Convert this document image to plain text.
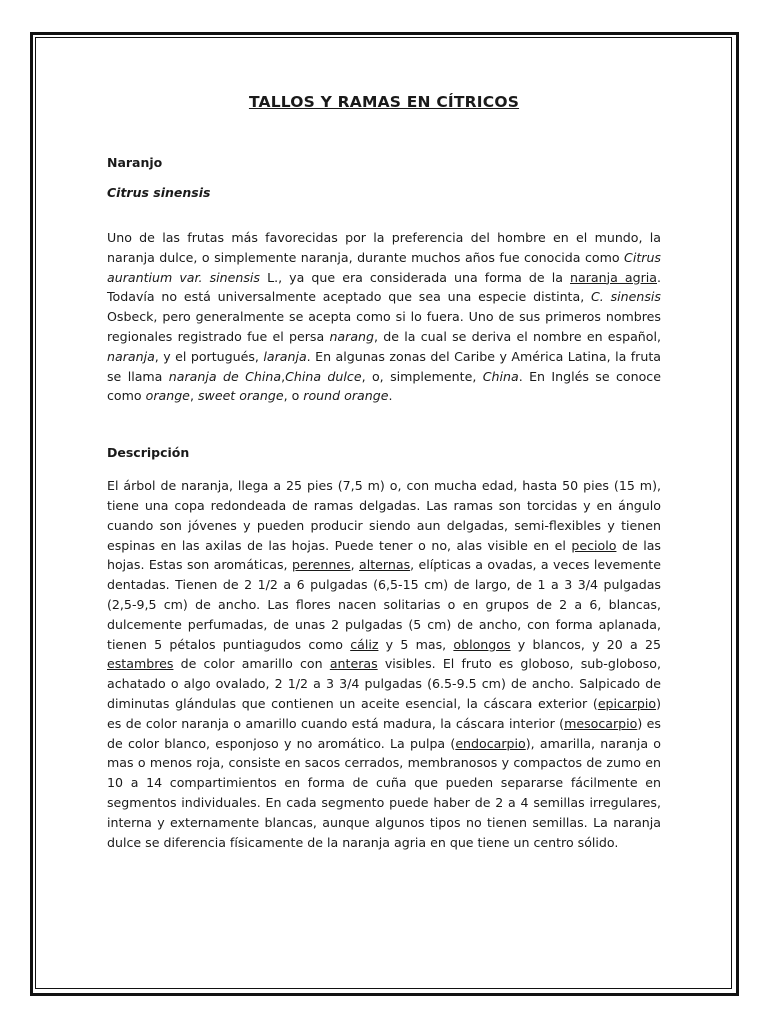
TALLOS Y RAMAS EN CÍTRICOS

Naranjo

Citrus sinensis

Uno de las frutas más favorecidas por la preferencia del hombre en el mundo, la naranja dulce, o simplemente naranja, durante muchos años fue conocida como Citrus aurantium var. sinensis L., ya que era considerada una forma de la naranja agria. Todavía no está universalmente aceptado que sea una especie distinta, C. sinensis Osbeck, pero generalmente se acepta como si lo fuera. Uno de sus primeros nombres regionales registrado fue el persa narang, de la cual se deriva el nombre en español, naranja, y el portugués, laranja. En algunas zonas del Caribe y América Latina, la fruta se llama naranja de China,China dulce, o, simplemente, China. En Inglés se conoce como orange, sweet orange, o round orange.

Descripción

El árbol de naranja, llega a 25 pies (7,5 m) o, con mucha edad, hasta 50 pies (15 m), tiene una copa redondeada de ramas delgadas. Las ramas son torcidas y en ángulo cuando son jóvenes y pueden producir siendo aun delgadas, semi-flexibles y tienen espinas en las axilas de las hojas. Puede tener o no, alas visible en el peciolo de las hojas. Estas son aromáticas, perennes, alternas, elípticas a ovadas, a veces levemente dentadas. Tienen de 2 1/2 a 6 pulgadas (6,5-15 cm) de largo, de 1 a 3 3/4 pulgadas (2,5-9,5 cm) de ancho. Las flores nacen solitarias o en grupos de 2 a 6, blancas, dulcemente perfumadas, de unas 2 pulgadas (5 cm) de ancho, con forma aplanada, tienen 5 pétalos puntiagudos como cáliz y 5 mas, oblongos y blancos, y 20 a 25 estambres de color amarillo con anteras visibles. El fruto es globoso, sub-globoso, achatado o algo ovalado, 2 1/2 a 3 3/4 pulgadas (6.5-9.5 cm) de ancho. Salpicado de diminutas glándulas que contienen un aceite esencial, la cáscara exterior (epicarpio) es de color naranja o amarillo cuando está madura, la cáscara interior (mesocarpio) es de color blanco, esponjoso y no aromático. La pulpa (endocarpio), amarilla, naranja o mas o menos roja, consiste en sacos cerrados, membranosos y compactos de zumo en 10 a 14 compartimientos en forma de cuña que pueden separarse fácilmente en segmentos individuales. En cada segmento puede haber de 2 a 4 semillas irregulares, interna y externamente blancas, aunque algunos tipos no tienen semillas. La naranja dulce se diferencia físicamente de la naranja agria en que tiene un centro sólido.
